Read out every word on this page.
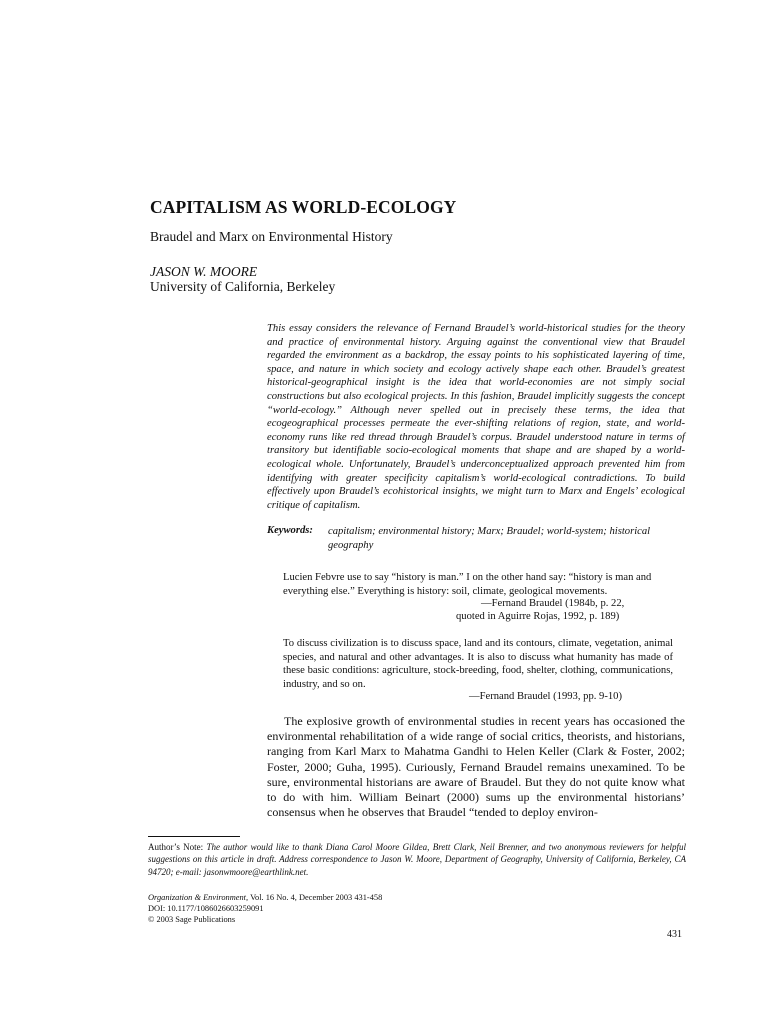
CAPITALISM AS WORLD-ECOLOGY
Braudel and Marx on Environmental History
JASON W. MOORE
University of California, Berkeley
This essay considers the relevance of Fernand Braudel’s world-historical studies for the theory and practice of environmental history. Arguing against the conventional view that Braudel regarded the environment as a backdrop, the essay points to his sophisticated layering of time, space, and nature in which society and ecology actively shape each other. Braudel’s greatest historical-geographical insight is the idea that world-economies are not simply social constructions but also ecological projects. In this fashion, Braudel implicitly suggests the concept “world-ecology.” Although never spelled out in precisely these terms, the idea that ecogeographical processes permeate the ever-shifting relations of region, state, and world-economy runs like red thread through Braudel’s corpus. Braudel understood nature in terms of transitory but identifiable socio-ecological moments that shape and are shaped by a world-ecological whole. Unfortunately, Braudel’s underconceptualized approach prevented him from identifying with greater specificity capitalism’s world-ecological contradictions. To build effectively upon Braudel’s ecohistorical insights, we might turn to Marx and Engels’ ecological critique of capitalism.
Keywords: capitalism; environmental history; Marx; Braudel; world-system; historical geography
Lucien Febvre use to say “history is man.” I on the other hand say: “history is man and everything else.” Everything is history: soil, climate, geological movements.
—Fernand Braudel (1984b, p. 22,
quoted in Aguirre Rojas, 1992, p. 189)
To discuss civilization is to discuss space, land and its contours, climate, vegetation, animal species, and natural and other advantages. It is also to discuss what humanity has made of these basic conditions: agriculture, stock-breeding, food, shelter, clothing, communications, industry, and so on.
—Fernand Braudel (1993, pp. 9-10)
The explosive growth of environmental studies in recent years has occasioned the environmental rehabilitation of a wide range of social critics, theorists, and historians, ranging from Karl Marx to Mahatma Gandhi to Helen Keller (Clark & Foster, 2002; Foster, 2000; Guha, 1995). Curiously, Fernand Braudel remains unexamined. To be sure, environmental historians are aware of Braudel. But they do not quite know what to do with him. William Beinart (2000) sums up the environmental historians’ consensus when he observes that Braudel “tended to deploy environ-
Author’s Note: The author would like to thank Diana Carol Moore Gildea, Brett Clark, Neil Brenner, and two anonymous reviewers for helpful suggestions on this article in draft. Address correspondence to Jason W. Moore, Department of Geography, University of California, Berkeley, CA 94720; e-mail: jasonwmoore@earthlink.net.
Organization & Environment, Vol. 16 No. 4, December 2003 431-458
DOI: 10.1177/1086026603259091
© 2003 Sage Publications
431
